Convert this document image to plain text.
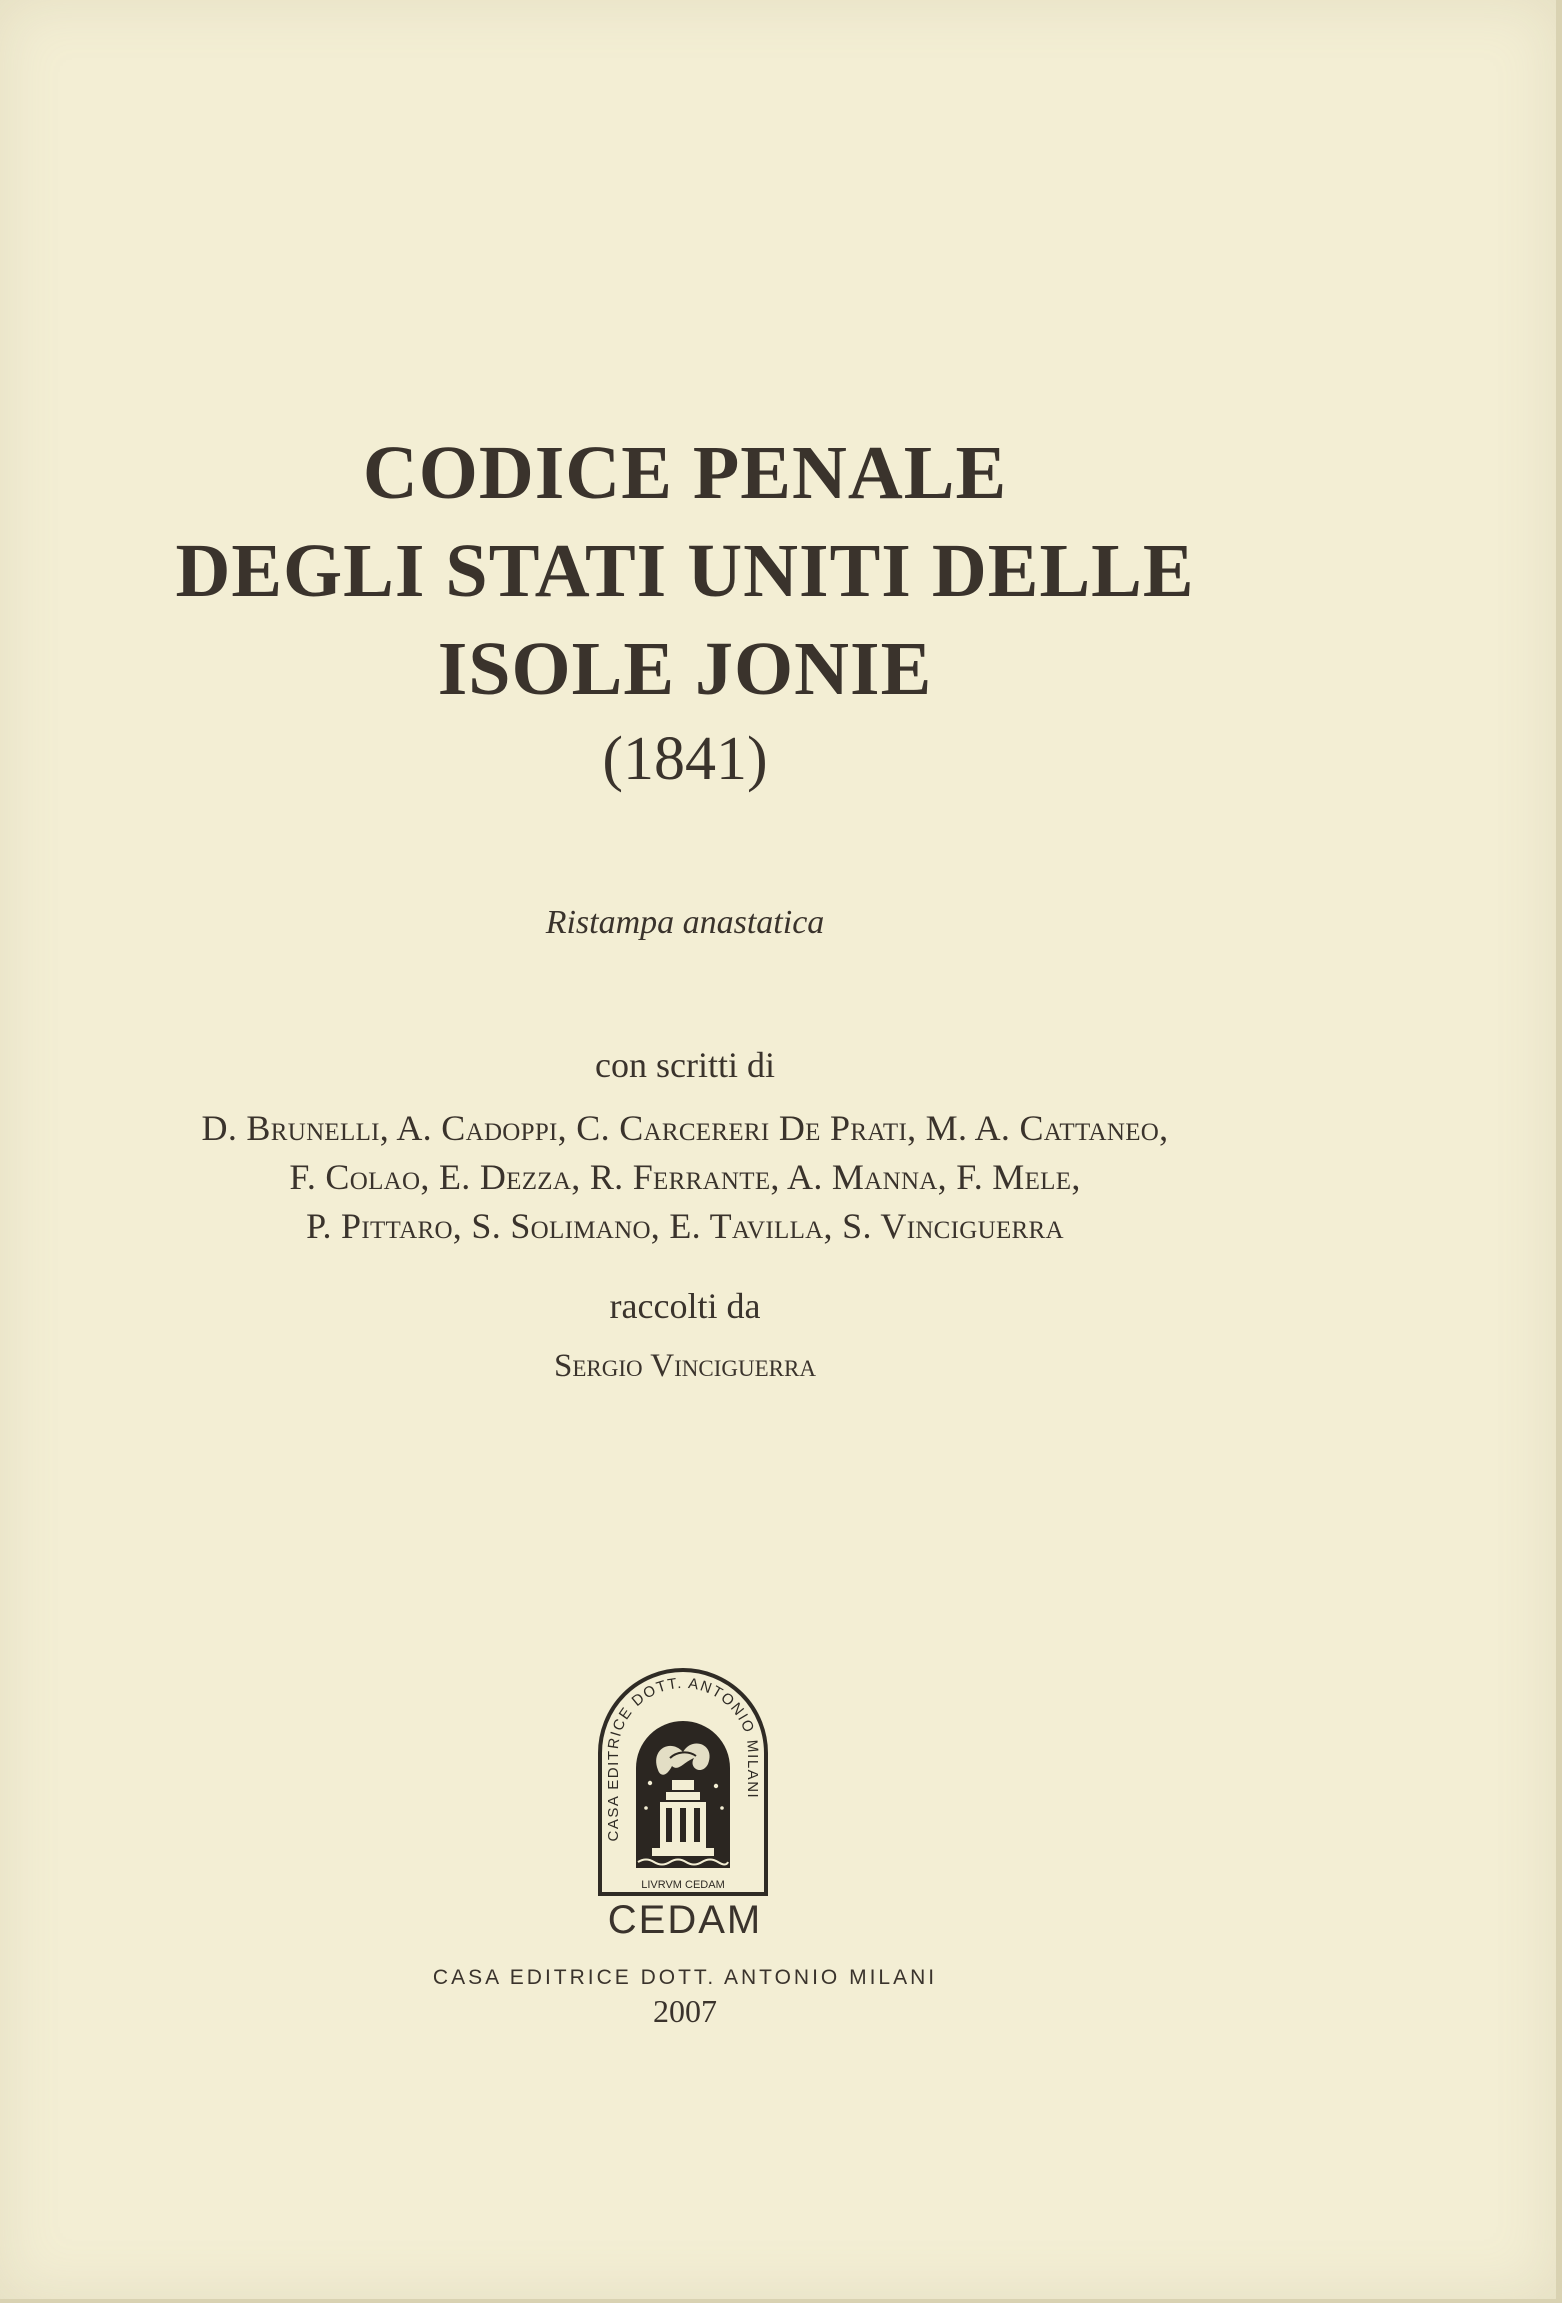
CODICE PENALE
DEGLI STATI UNITI DELLE
ISOLE JONIE
(1841)
Ristampa anastatica
con scritti di
D. Brunelli, A. Cadoppi, C. Carcereri De Prati, M. A. Cattaneo,
F. Colao, E. Dezza, R. Ferrante, A. Manna, F. Mele,
P. Pittaro, S. Solimano, E. Tavilla, S. Vinciguerra
raccolti da
Sergio Vinciguerra
CASA EDITRICE DOTT. ANTONIO MILANI
LIVRVM CEDAM
CEDAM
CASA EDITRICE DOTT. ANTONIO MILANI
2007
